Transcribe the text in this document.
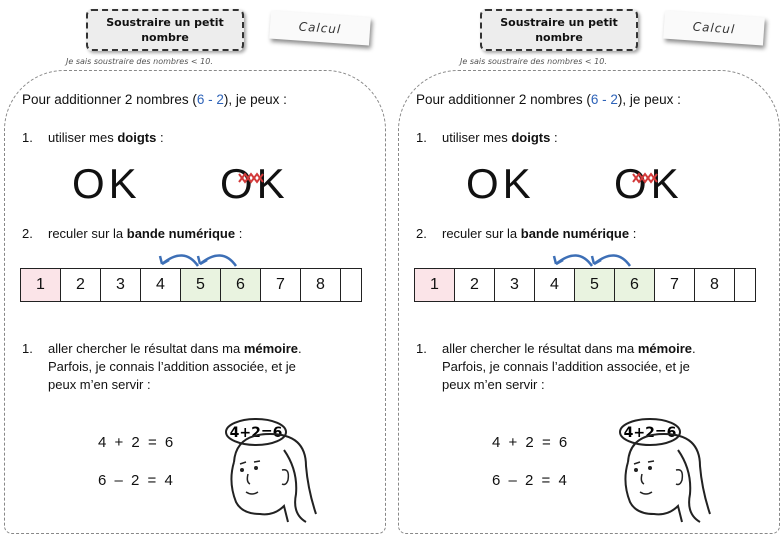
Soustraire un petit nombre
Calcul
Je sais soustraire des nombres < 10.
Pour additionner 2 nombres (6 - 2), je peux :
1. utiliser mes doigts :
OK OK
2. reculer sur la bande numérique :
1	2	3	4	5	6	7	8
1. aller chercher le résultat dans ma mémoire.
Parfois, je connais l’addition associée, et je
peux m’en servir :
4 + 2 = 6
6 – 2 = 4
4+2=6
Soustraire un petit nombre
Calcul
Je sais soustraire des nombres < 10.
Pour additionner 2 nombres (6 - 2), je peux :
1. utiliser mes doigts :
OK OK
2. reculer sur la bande numérique :
1	2	3	4	5	6	7	8
1. aller chercher le résultat dans ma mémoire.
Parfois, je connais l’addition associée, et je
peux m’en servir :
4 + 2 = 6
6 – 2 = 4
4+2=6
